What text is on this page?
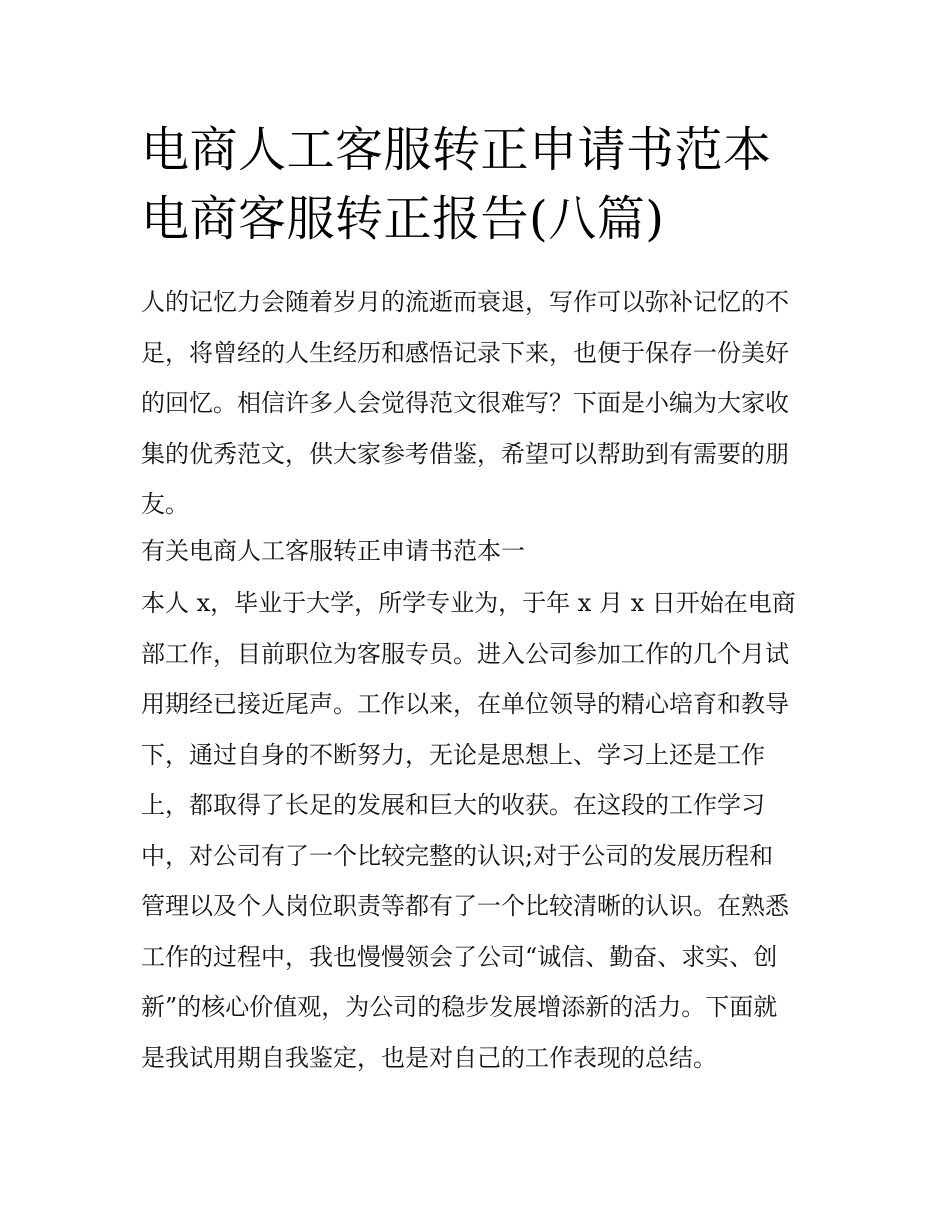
电商人工客服转正申请书范本
电商客服转正报告(八篇)
人的记忆力会随着岁月的流逝而衰退，写作可以弥补记忆的不
足，将曾经的人生经历和感悟记录下来，也便于保存一份美好
的回忆。相信许多人会觉得范文很难写？下面是小编为大家收
集的优秀范文，供大家参考借鉴，希望可以帮助到有需要的朋
友。
有关电商人工客服转正申请书范本一
本人 x，毕业于大学，所学专业为，于年 x 月 x 日开始在电商
部工作，目前职位为客服专员。进入公司参加工作的几个月试
用期经已接近尾声。工作以来，在单位领导的精心培育和教导
下，通过自身的不断努力，无论是思想上、学习上还是工作
上，都取得了长足的发展和巨大的收获。在这段的工作学习
中，对公司有了一个比较完整的认识;对于公司的发展历程和
管理以及个人岗位职责等都有了一个比较清晰的认识。在熟悉
工作的过程中，我也慢慢领会了公司“诚信、勤奋、求实、创
新”的核心价值观，为公司的稳步发展增添新的活力。下面就
是我试用期自我鉴定，也是对自己的工作表现的总结。
